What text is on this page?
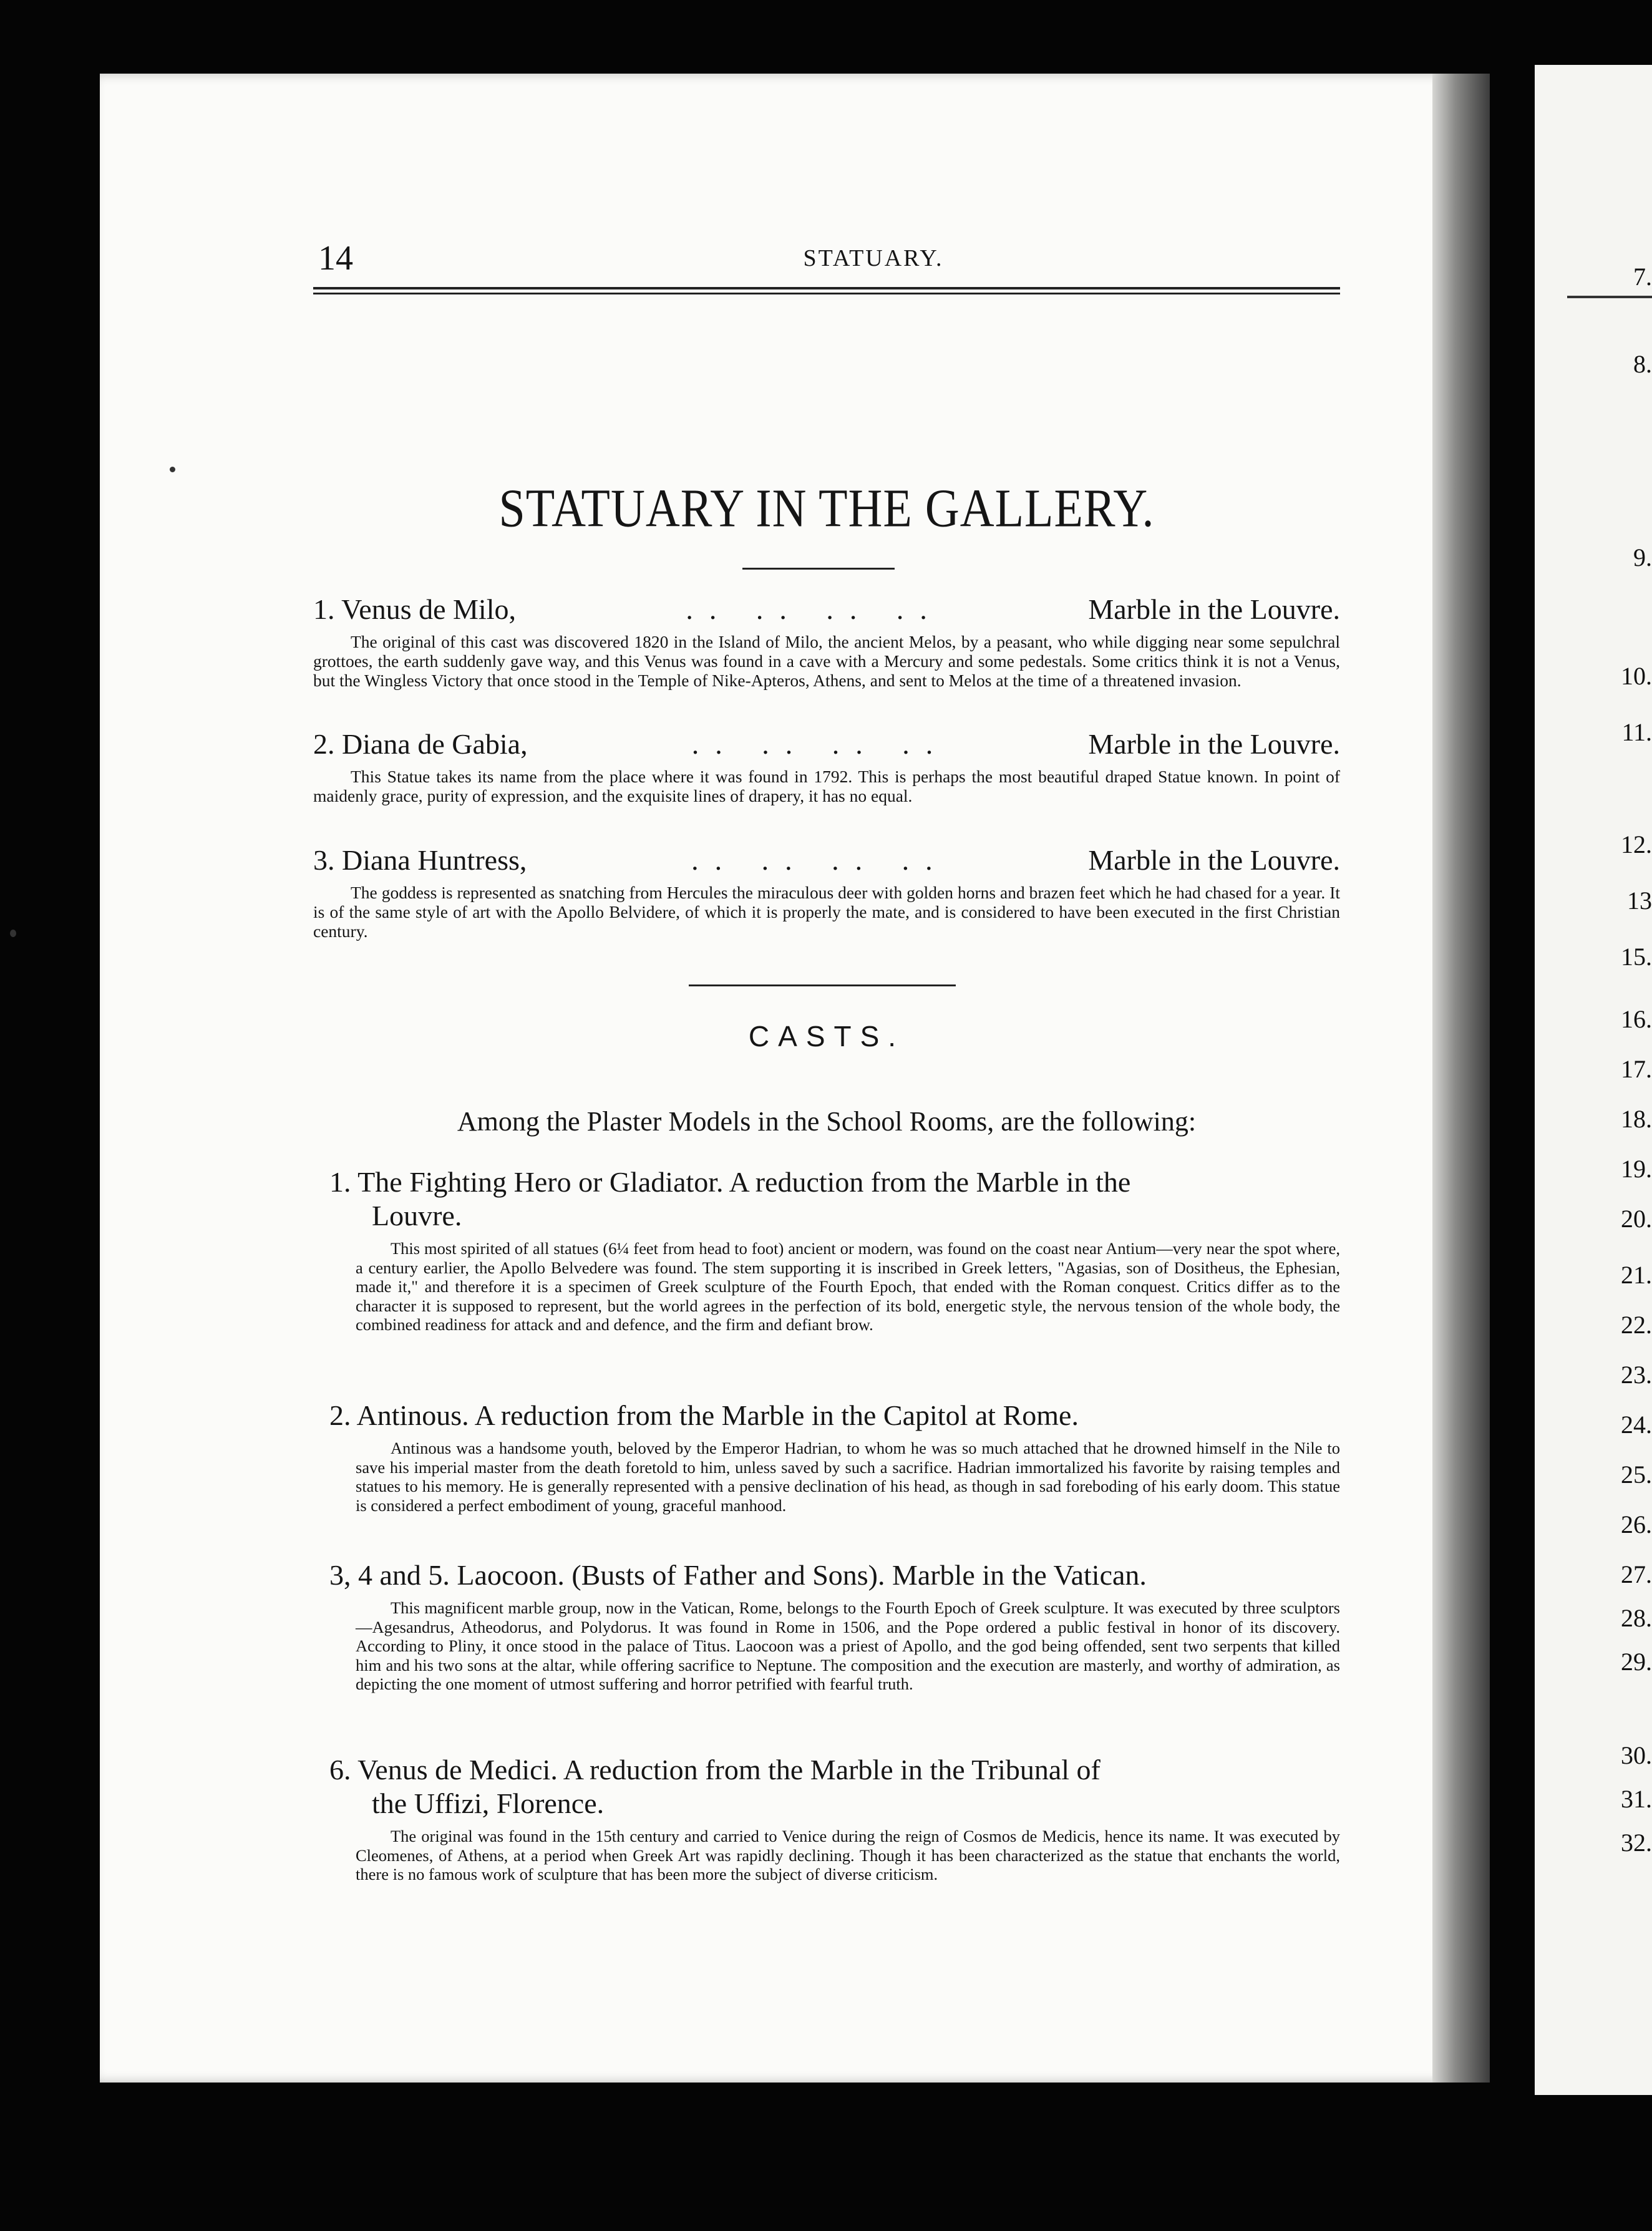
7.
8.
9.
10.
11.
12.
13
15.
16.
17.
18.
19.
20.
21.
22.
23.
24.
25.
26.
27.
28.
29.
30.
31.
32.
14	STATUARY.
STATUARY IN THE GALLERY.
1. Venus de Milo,	.. .. .. ..	Marble in the Louvre.
The original of this cast was discovered 1820 in the Island of Milo, the ancient Melos, by a peasant, who while digging near some sepulchral grottoes, the earth suddenly gave way, and this Venus was found in a cave with a Mercury and some pedestals. Some critics think it is not a Venus, but the Wingless Victory that once stood in the Temple of Nike-Apteros, Athens, and sent to Melos at the time of a threatened invasion.
2. Diana de Gabia,	.. .. .. ..	Marble in the Louvre.
This Statue takes its name from the place where it was found in 1792. This is perhaps the most beautiful draped Statue known. In point of maidenly grace, purity of expression, and the exquisite lines of drapery, it has no equal.
3. Diana Huntress,	.. .. .. ..	Marble in the Louvre.
The goddess is represented as snatching from Hercules the miraculous deer with golden horns and brazen feet which he had chased for a year. It is of the same style of art with the Apollo Belvidere, of which it is properly the mate, and is considered to have been executed in the first Christian century.
CASTS.
Among the Plaster Models in the School Rooms, are the following:
1. The Fighting Hero or Gladiator. A reduction from the Marble in the
Louvre.
This most spirited of all statues (6¼ feet from head to foot) ancient or modern, was found on the coast near Antium—very near the spot where, a century earlier, the Apollo Belvedere was found. The stem supporting it is inscribed in Greek letters, "Agasias, son of Dositheus, the Ephesian, made it," and therefore it is a specimen of Greek sculpture of the Fourth Epoch, that ended with the Roman conquest. Critics differ as to the character it is supposed to represent, but the world agrees in the perfection of its bold, energetic style, the nervous tension of the whole body, the combined readiness for attack and and defence, and the firm and defiant brow.
2. Antinous. A reduction from the Marble in the Capitol at Rome.
Antinous was a handsome youth, beloved by the Emperor Hadrian, to whom he was so much attached that he drowned himself in the Nile to save his imperial master from the death foretold to him, unless saved by such a sacrifice. Hadrian immortalized his favorite by raising temples and statues to his memory. He is generally represented with a pensive declination of his head, as though in sad foreboding of his early doom. This statue is considered a perfect embodiment of young, graceful manhood.
3, 4 and 5. Laocoon. (Busts of Father and Sons). Marble in the Vatican.
This magnificent marble group, now in the Vatican, Rome, belongs to the Fourth Epoch of Greek sculpture. It was executed by three sculptors—Agesandrus, Atheodorus, and Polydorus. It was found in Rome in 1506, and the Pope ordered a public festival in honor of its discovery. According to Pliny, it once stood in the palace of Titus. Laocoon was a priest of Apollo, and the god being offended, sent two serpents that killed him and his two sons at the altar, while offering sacrifice to Neptune. The composition and the execution are masterly, and worthy of admiration, as depicting the one moment of utmost suffering and horror petrified with fearful truth.
6. Venus de Medici. A reduction from the Marble in the Tribunal of
the Uffizi, Florence.
The original was found in the 15th century and carried to Venice during the reign of Cosmos de Medicis, hence its name. It was executed by Cleomenes, of Athens, at a period when Greek Art was rapidly declining. Though it has been characterized as the statue that enchants the world, there is no famous work of sculpture that has been more the subject of diverse criticism.
